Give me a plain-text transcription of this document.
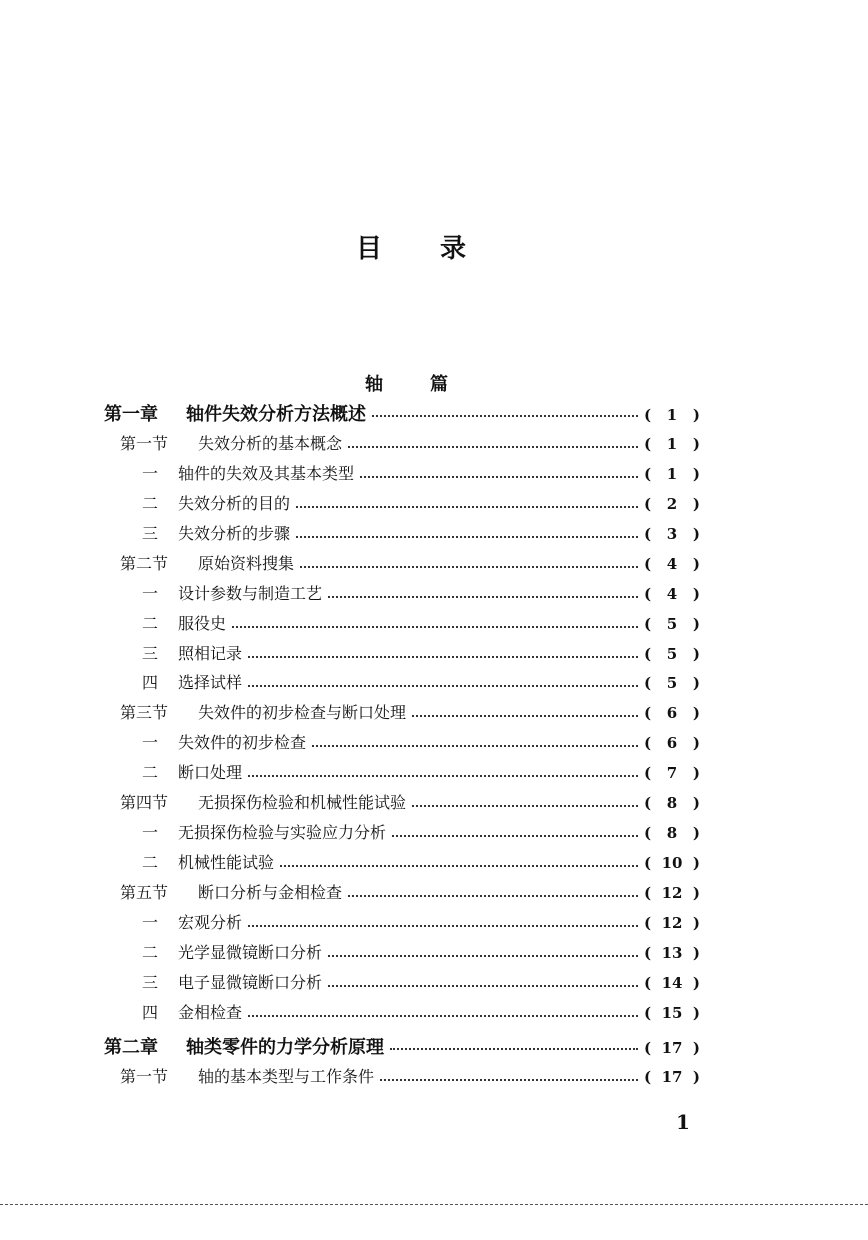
目 录
轴	篇
第一章	轴件失效分析方法概述	( 1 )
第一节	失效分析的基本概念	( 1 )
一	轴件的失效及其基本类型	( 1 )
二	失效分析的目的	( 2 )
三	失效分析的步骤	( 3 )
第二节	原始资料搜集	( 4 )
一	设计参数与制造工艺	( 4 )
二	服役史	( 5 )
三	照相记录	( 5 )
四	选择试样	( 5 )
第三节	失效件的初步检查与断口处理	( 6 )
一	失效件的初步检查	( 6 )
二	断口处理	( 7 )
第四节	无损探伤检验和机械性能试验	( 8 )
一	无损探伤检验与实验应力分析	( 8 )
二	机械性能试验	( 10 )
第五节	断口分析与金相检查	( 12 )
一	宏观分析	( 12 )
二	光学显微镜断口分析	( 13 )
三	电子显微镜断口分析	( 14 )
四	金相检查	( 15 )
第二章	轴类零件的力学分析原理	( 17 )
第一节	轴的基本类型与工作条件	( 17 )
1
